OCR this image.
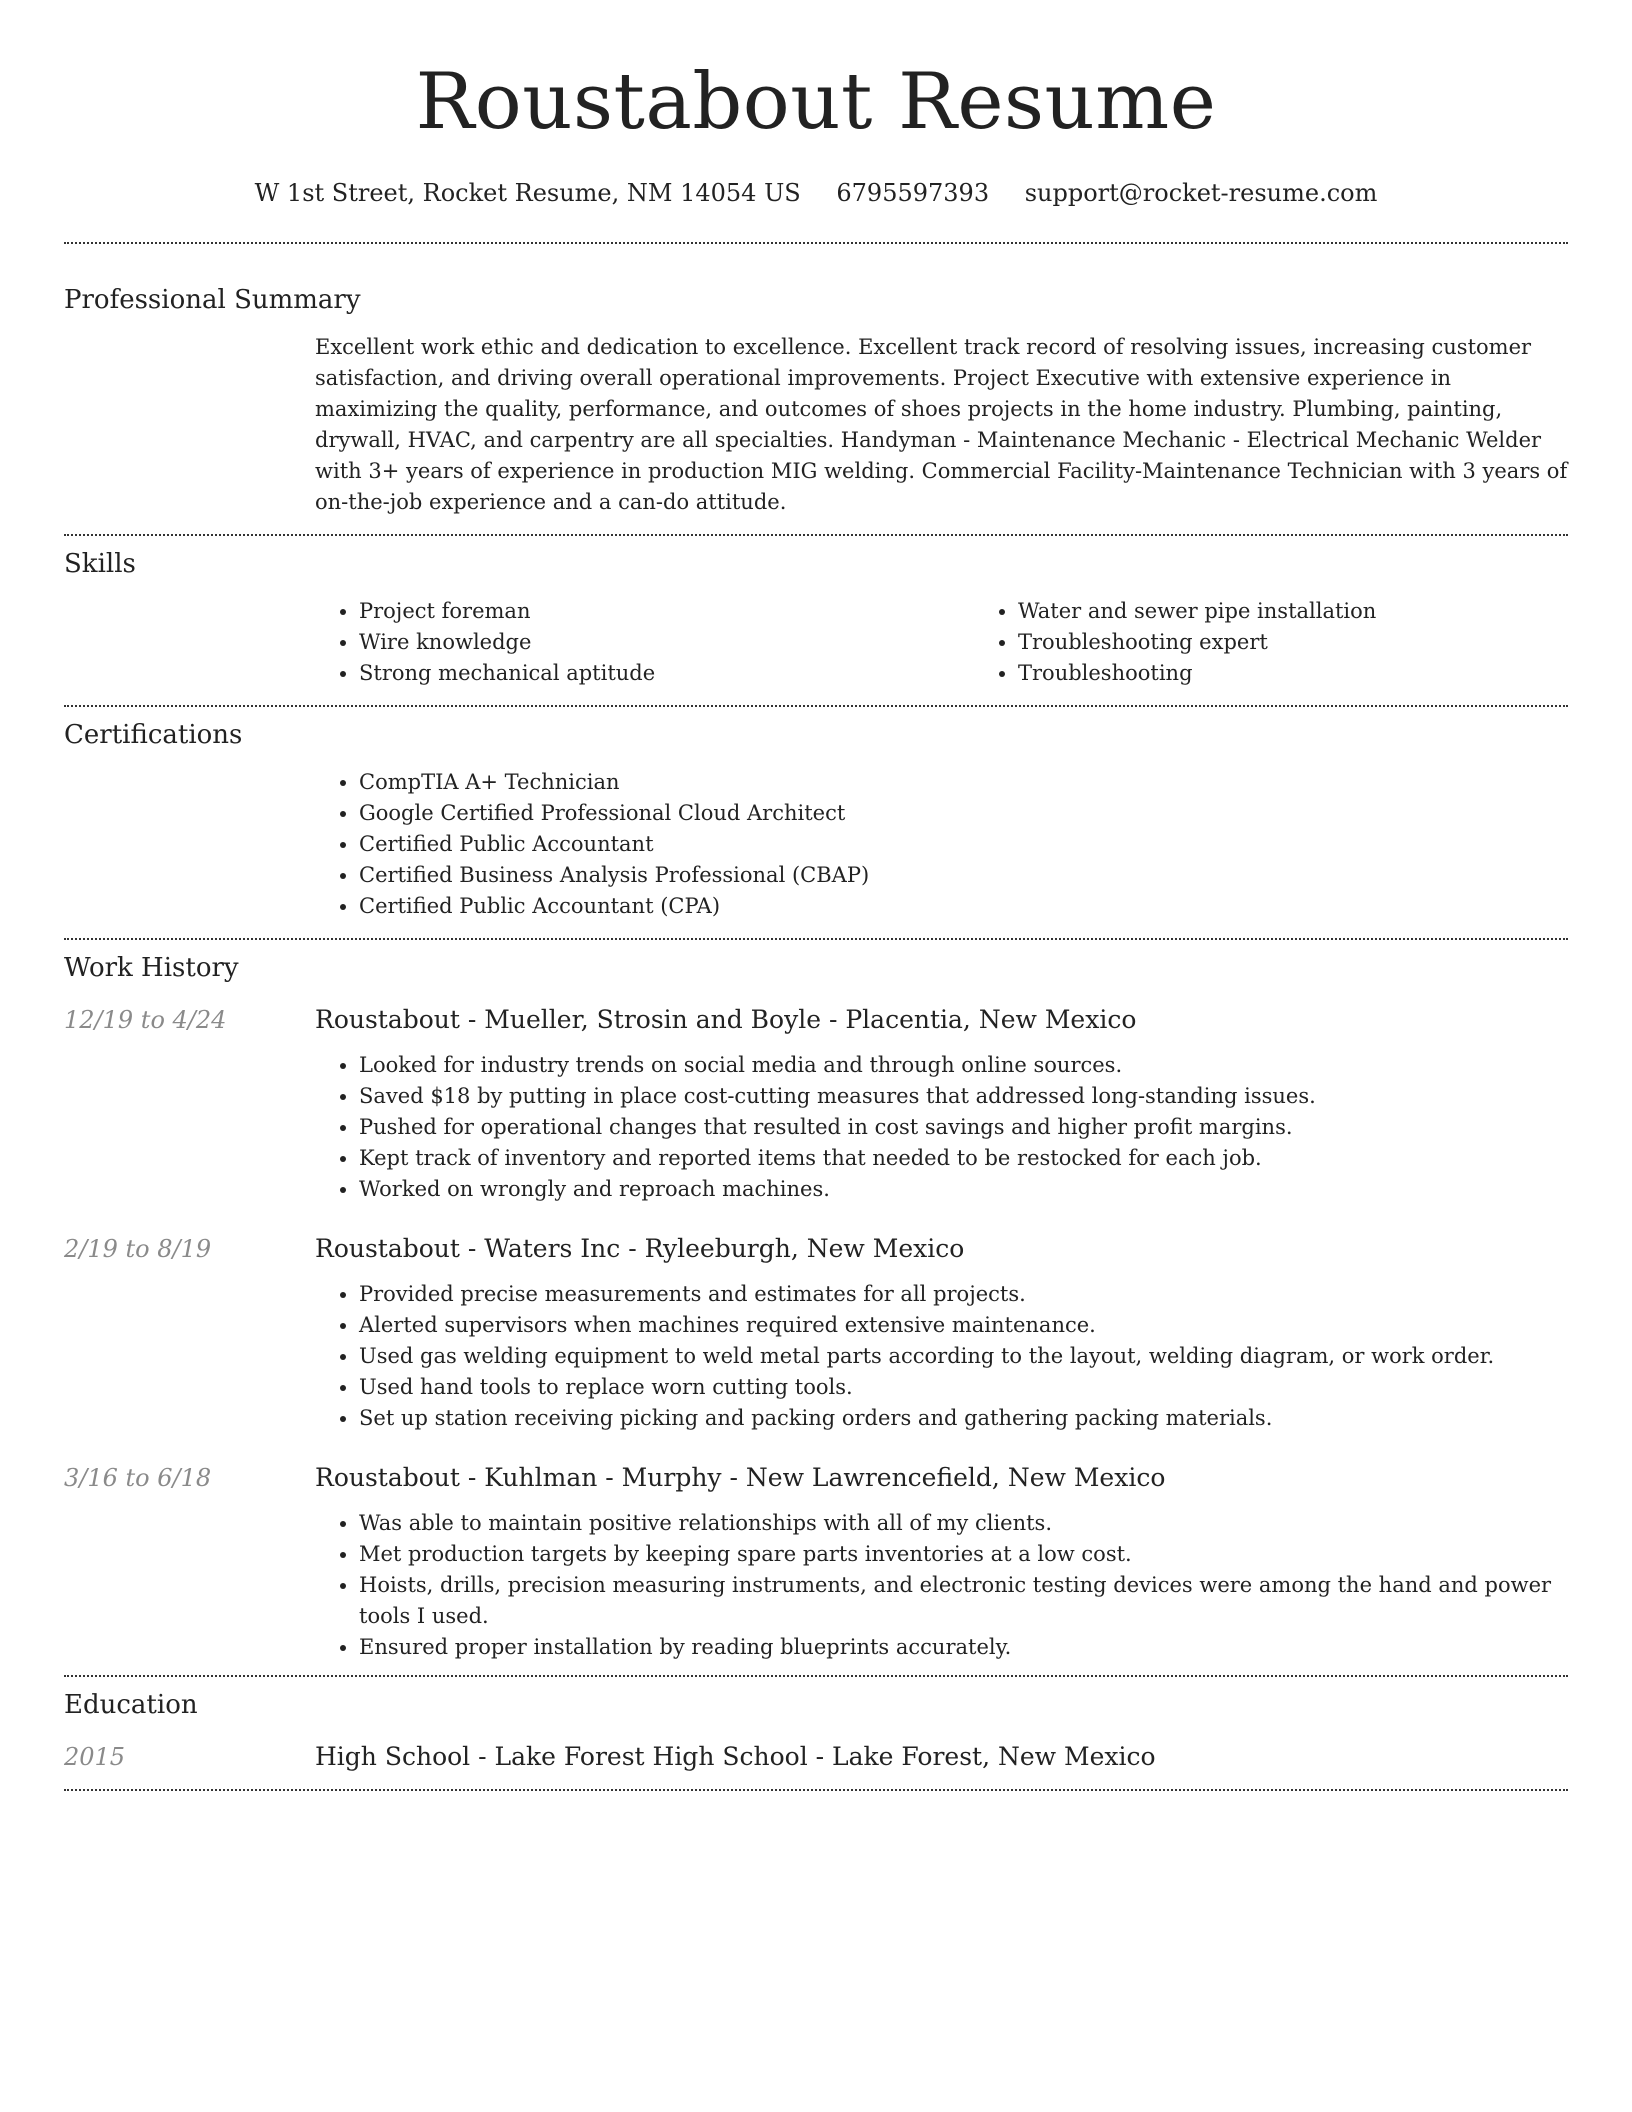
Roustabout Resume
W 1st Street, Rocket Resume, NM 14054 US 6795597393 support@rocket-resume.com
Professional Summary
Excellent work ethic and dedication to excellence. Excellent track record of resolving issues, increasing customer satisfaction, and driving overall operational improvements. Project Executive with extensive experience in maximizing the quality, performance, and outcomes of shoes projects in the home industry. Plumbing, painting, drywall, HVAC, and carpentry are all specialties. Handyman - Maintenance Mechanic - Electrical Mechanic Welder with 3+ years of experience in production MIG welding. Commercial Facility-Maintenance Technician with 3 years of on-the-job experience and a can-do attitude.
Skills
• Project foreman
• Wire knowledge
• Strong mechanical aptitude
• Water and sewer pipe installation
• Troubleshooting expert
• Troubleshooting
Certifications
• CompTIA A+ Technician
• Google Certified Professional Cloud Architect
• Certified Public Accountant
• Certified Business Analysis Professional (CBAP)
• Certified Public Accountant (CPA)
Work History
12/19 to 4/24	Roustabout - Mueller, Strosin and Boyle - Placentia, New Mexico
• Looked for industry trends on social media and through online sources.
• Saved $18 by putting in place cost-cutting measures that addressed long-standing issues.
• Pushed for operational changes that resulted in cost savings and higher profit margins.
• Kept track of inventory and reported items that needed to be restocked for each job.
• Worked on wrongly and reproach machines.
2/19 to 8/19	Roustabout - Waters Inc - Ryleeburgh, New Mexico
• Provided precise measurements and estimates for all projects.
• Alerted supervisors when machines required extensive maintenance.
• Used gas welding equipment to weld metal parts according to the layout, welding diagram, or work order.
• Used hand tools to replace worn cutting tools.
• Set up station receiving picking and packing orders and gathering packing materials.
3/16 to 6/18	Roustabout - Kuhlman - Murphy - New Lawrencefield, New Mexico
• Was able to maintain positive relationships with all of my clients.
• Met production targets by keeping spare parts inventories at a low cost.
• Hoists, drills, precision measuring instruments, and electronic testing devices were among the hand and power tools I used.
• Ensured proper installation by reading blueprints accurately.
Education
2015	High School - Lake Forest High School - Lake Forest, New Mexico
